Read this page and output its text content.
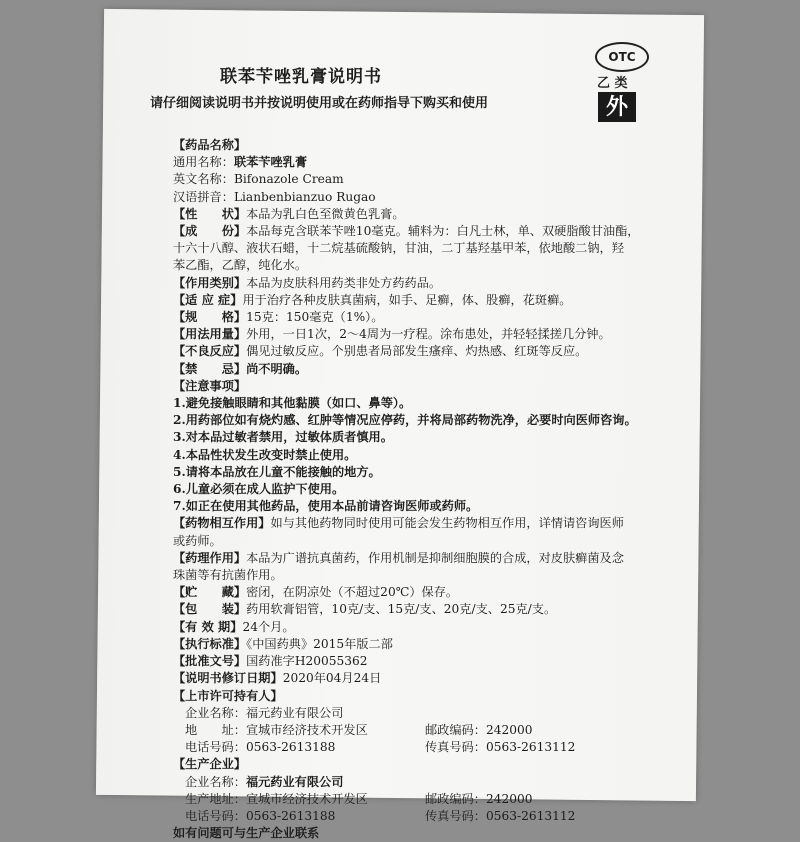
OTC
乙 类
外
联苯苄唑乳膏说明书
请仔细阅读说明书并按说明使用或在药师指导下购买和使用
【药品名称】
通用名称：联苯苄唑乳膏
英文名称：Bifonazole Cream
汉语拼音：Lianbenbianzuo Rugao
【性　　状】本品为乳白色至微黄色乳膏。
【成　　份】本品每克含联苯苄唑10毫克。辅料为：白凡士林，单、双硬脂酸甘油酯，
十六十八醇、液状石蜡，十二烷基硫酸钠，甘油，二丁基羟基甲苯，依地酸二钠，羟
苯乙酯，乙醇，纯化水。
【作用类别】本品为皮肤科用药类非处方药药品。
【适 应 症】用于治疗各种皮肤真菌病，如手、足癣，体、股癣，花斑癣。
【规　　格】15克：150毫克（1%）。
【用法用量】外用，一日1次，2～4周为一疗程。涂布患处，并轻轻揉搓几分钟。
【不良反应】偶见过敏反应。个别患者局部发生瘙痒、灼热感、红斑等反应。
【禁　　忌】尚不明确。
【注意事项】
1.避免接触眼睛和其他黏膜（如口、鼻等）。
2.用药部位如有烧灼感、红肿等情况应停药，并将局部药物洗净，必要时向医师咨询。
3.对本品过敏者禁用，过敏体质者慎用。
4.本品性状发生改变时禁止使用。
5.请将本品放在儿童不能接触的地方。
6.儿童必须在成人监护下使用。
7.如正在使用其他药品，使用本品前请咨询医师或药师。
【药物相互作用】如与其他药物同时使用可能会发生药物相互作用，详情请咨询医师
或药师。
【药理作用】本品为广谱抗真菌药，作用机制是抑制细胞膜的合成，对皮肤癣菌及念
珠菌等有抗菌作用。
【贮　　藏】密闭，在阴凉处（不超过20℃）保存。
【包　　装】药用软膏铝管，10克/支、15克/支、20克/支、25克/支。
【有 效 期】24个月。
【执行标准】《中国药典》2015年版二部
【批准文号】国药准字H20055362
【说明书修订日期】2020年04月24日
【上市许可持有人】
企业名称：福元药业有限公司
地　　址：宣城市经济技术开发区	邮政编码：242000
电话号码：0563-2613188	传真号码：0563-2613112
【生产企业】
企业名称：福元药业有限公司
生产地址：宣城市经济技术开发区	邮政编码：242000
电话号码：0563-2613188	传真号码：0563-2613112
如有问题可与生产企业联系
